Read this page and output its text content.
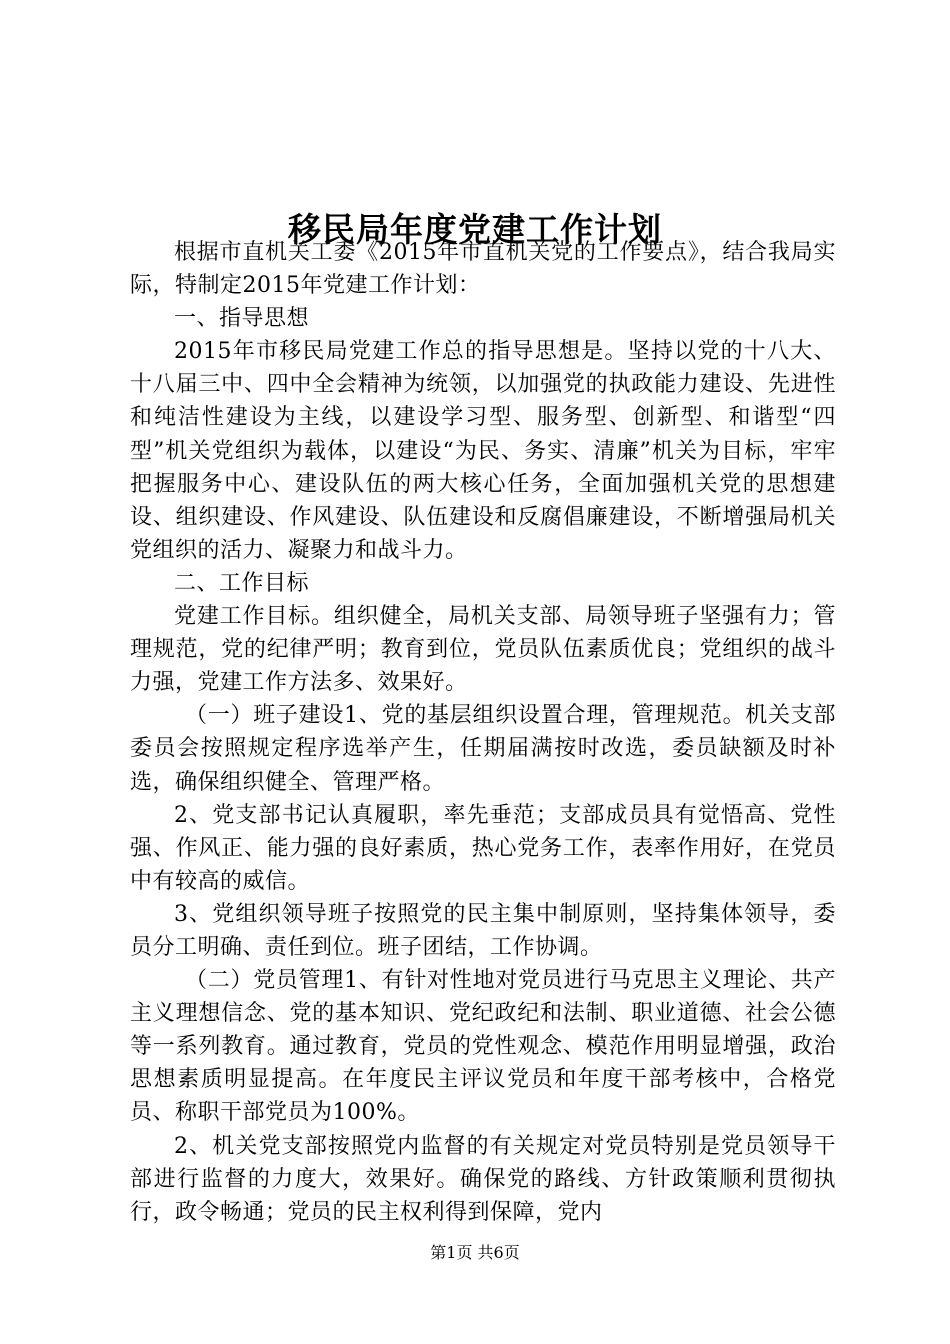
移民局年度党建工作计划

根据市直机关工委《2015年市直机关党的工作要点》，结合我局实际，特制定2015年党建工作计划：

一、指导思想

2015年市移民局党建工作总的指导思想是。坚持以党的十八大、十八届三中、四中全会精神为统领，以加强党的执政能力建设、先进性和纯洁性建设为主线，以建设学习型、服务型、创新型、和谐型“四型”机关党组织为载体，以建设“为民、务实、清廉”机关为目标，牢牢把握服务中心、建设队伍的两大核心任务，全面加强机关党的思想建设、组织建设、作风建设、队伍建设和反腐倡廉建设，不断增强局机关党组织的活力、凝聚力和战斗力。

二、工作目标

党建工作目标。组织健全，局机关支部、局领导班子坚强有力；管理规范，党的纪律严明；教育到位，党员队伍素质优良；党组织的战斗力强，党建工作方法多、效果好。

（一）班子建设1、党的基层组织设置合理，管理规范。机关支部委员会按照规定程序选举产生，任期届满按时改选，委员缺额及时补选，确保组织健全、管理严格。

2、党支部书记认真履职，率先垂范；支部成员具有觉悟高、党性强、作风正、能力强的良好素质，热心党务工作，表率作用好，在党员中有较高的威信。

3、党组织领导班子按照党的民主集中制原则，坚持集体领导，委员分工明确、责任到位。班子团结，工作协调。

（二）党员管理1、有针对性地对党员进行马克思主义理论、共产主义理想信念、党的基本知识、党纪政纪和法制、职业道德、社会公德等一系列教育。通过教育，党员的党性观念、模范作用明显增强，政治思想素质明显提高。在年度民主评议党员和年度干部考核中，合格党员、称职干部党员为100%。

2、机关党支部按照党内监督的有关规定对党员特别是党员领导干部进行监督的力度大，效果好。确保党的路线、方针政策顺利贯彻执行，政令畅通；党员的民主权利得到保障，党内

第1页 共6页
